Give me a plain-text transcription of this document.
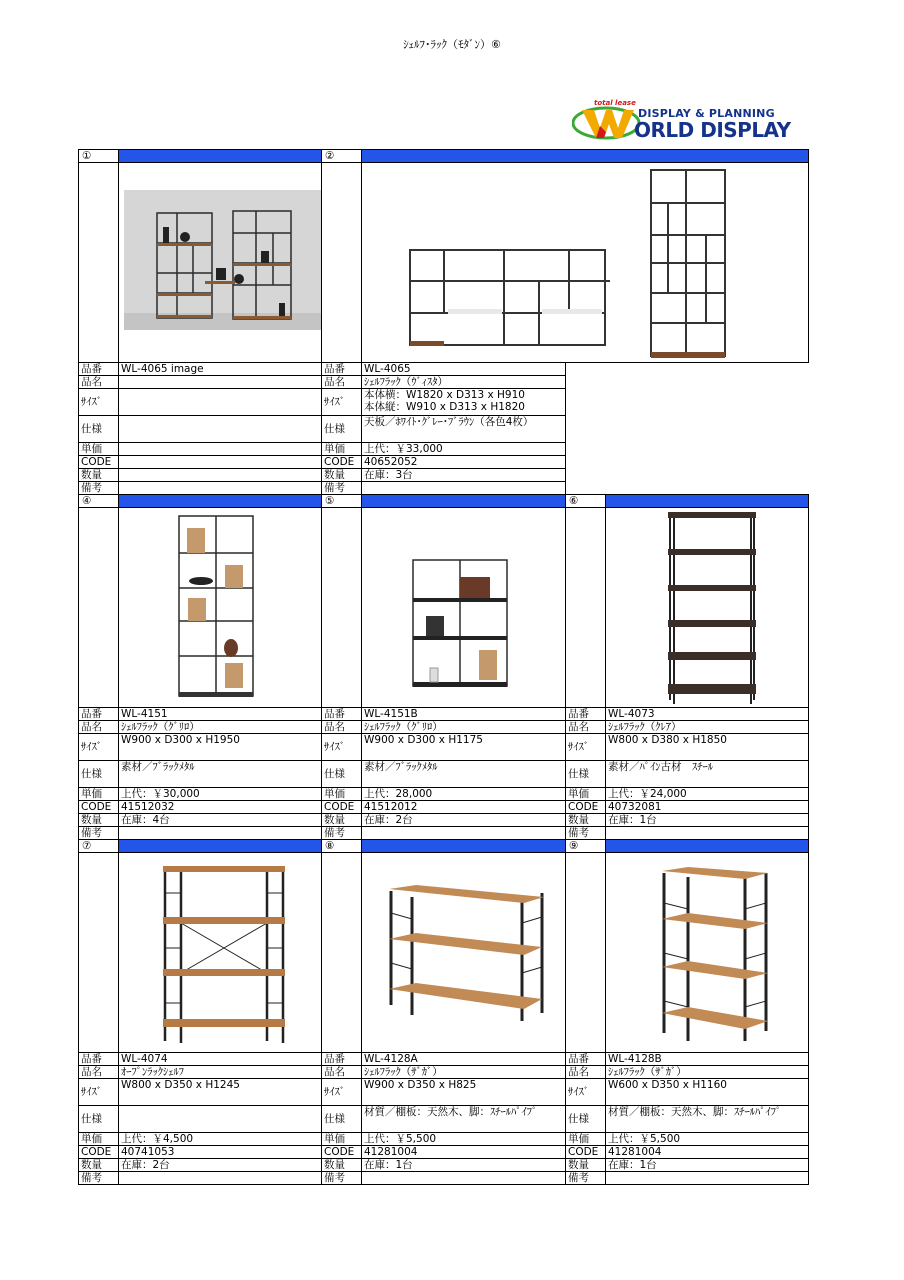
ｼｪﾙﾌ･ﾗｯｸ（ﾓﾀﾞﾝ）⑥
total lease
DISPLAY & PLANNING
ORLD DISPLAY
①		②			

品番	WL-4065 image	品番	WL-4065		
品名		品名	ｼｪﾙﾌﾗｯｸ（ｳﾞｨｽﾀ）		
ｻｲｽﾞ		ｻｲｽﾞ	本体横：W1820 x D313 x H910
本体縦：W910 x D313 x H1820		

仕様		仕様	天板／ﾎﾜｲﾄ･ｸﾞﾚｰ･ﾌﾞﾗｳﾝ（各色4枚）		
単価		単価	上代：￥33,000		
CODE		CODE	40652052		
数量		数量	在庫：3台		
備考		備考			
④		⑤		⑥	

品番	WL-4151	品番	WL-4151B	品番	WL-4073
品名	ｼｪﾙﾌﾗｯｸ（ｸﾞﾘﾛ）	品名	ｼｪﾙﾌﾗｯｸ（ｸﾞﾘﾛ）	品名	ｼｪﾙﾌﾗｯｸ（ｸﾚｱ）
ｻｲｽﾞ	W900 x D300 x H1950	ｻｲｽﾞ	W900 x D300 x H1175	ｻｲｽﾞ	W800 x D380 x H1850
仕様	素材／ﾌﾞﾗｯｸﾒﾀﾙ	仕様	素材／ﾌﾞﾗｯｸﾒﾀﾙ	仕様	素材／ﾊﾟｲﾝ古材　ｽﾁｰﾙ
単価	上代：￥30,000	単価	上代：28,000	単価	上代：￥24,000
CODE	41512032	CODE	41512012	CODE	40732081
数量	在庫：4台	数量	在庫：2台	数量	在庫：1台
備考		備考		備考	
⑦		⑧		⑨	

品番	WL-4074	品番	WL-4128A	品番	WL-4128B
品名	ｵｰﾌﾟﾝﾗｯｸｼｪﾙﾌ	品名	ｼｪﾙﾌﾗｯｸ（ｻﾞｶﾞ）	品名	ｼｪﾙﾌﾗｯｸ（ｻﾞｶﾞ）
ｻｲｽﾞ	W800 x D350 x H1245	ｻｲｽﾞ	W900 x D350 x H825	ｻｲｽﾞ	W600 x D350 x H1160
仕様		仕様	材質／棚板：天然木、脚：ｽﾁｰﾙﾊﾟｲﾌﾟ	仕様	材質／棚板：天然木、脚：ｽﾁｰﾙﾊﾟｲﾌﾟ
単価	上代：￥4,500	単価	上代：￥5,500	単価	上代：￥5,500
CODE	40741053	CODE	41281004	CODE	41281004
数量	在庫：2台	数量	在庫：1台	数量	在庫：1台
備考		備考		備考	
